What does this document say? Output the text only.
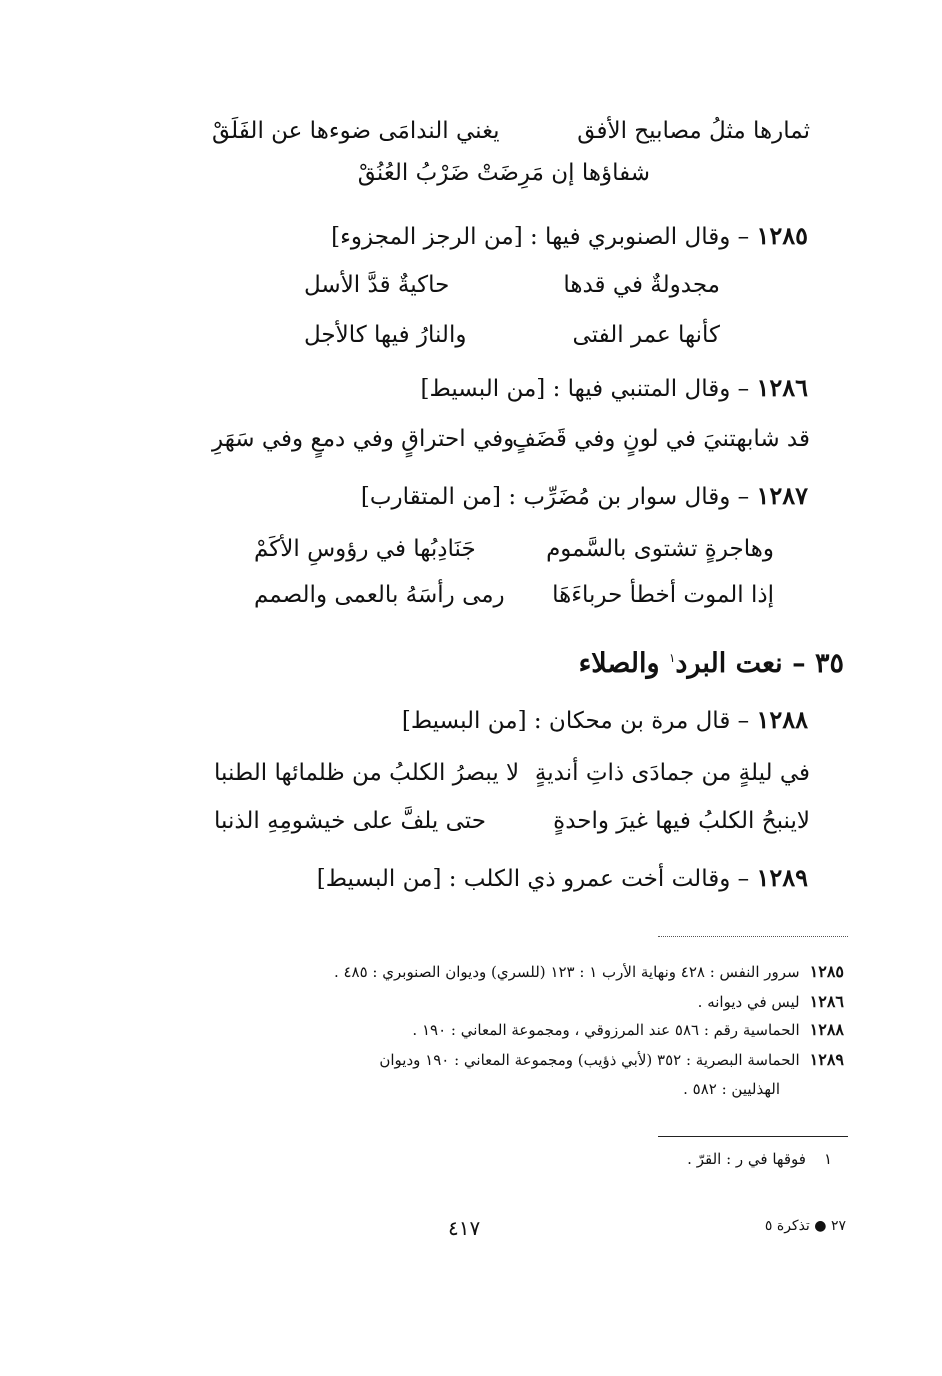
ثمارها مثلُ مصابيح الأفق
يغني الندامَى ضوءها عن الفَلَقْ
شفاؤها إن مَرِضَتْ ضَرْبُ العُنُقْ
١٢٨٥ – وقال الصنوبري فيها : [من الرجز المجزوء]
مجدولةٌ في قدها
حاكيةٌ قدَّ الأسل
كأنها عمر الفتى
والنارُ فيها كالأجل
١٢٨٦ – وقال المتنبي فيها : [من البسيط]
قد شابهتنيَ في لونٍ وفي قَضَفٍ
وفي احتراقٍ وفي دمعٍ وفي سَهَرِ
١٢٨٧ – وقال سوار بن مُضَرِّب : [من المتقارب]
وهاجرةٍ تشتوى بالسَّموم
جَنَادِبُها في رؤوسِ الأكَمْ
إذا الموت أخطأ حرباءَهَا
رمى رأسَهُ بالعمى والصمم
٣٥ – نعت البرد$^١$ والصلاء
١٢٨٨ – قال مرة بن محكان : [من البسيط]
في ليلةٍ من جمادَى ذاتِ أنديةٍ
لا يبصرُ الكلبُ من ظلمائها الطنبا
لاينبحُ الكلبُ فيها غيرَ واحدةٍ
حتى يلفَّ على خيشومِهِ الذنبا
١٢٨٩ – وقالت أخت عمرو ذي الكلب : [من البسيط]
١٢٨٥سرور النفس : ٤٢٨ ونهاية الأرب ١ : ١٢٣ (للسري) وديوان الصنوبري : ٤٨٥ .
١٢٨٦ليس في ديوانه .
١٢٨٨الحماسية رقم : ٥٨٦ عند المرزوقي ، ومجموعة المعاني : ١٩٠ .
١٢٨٩الحماسة البصرية : ٣٥٢ (لأبي ذؤيب) ومجموعة المعاني : ١٩٠ وديوان
الهذليين : ٥٨٢ .
١فوقها في ر : القرّ .
٢٧ ● تذكرة ٥
٤١٧
